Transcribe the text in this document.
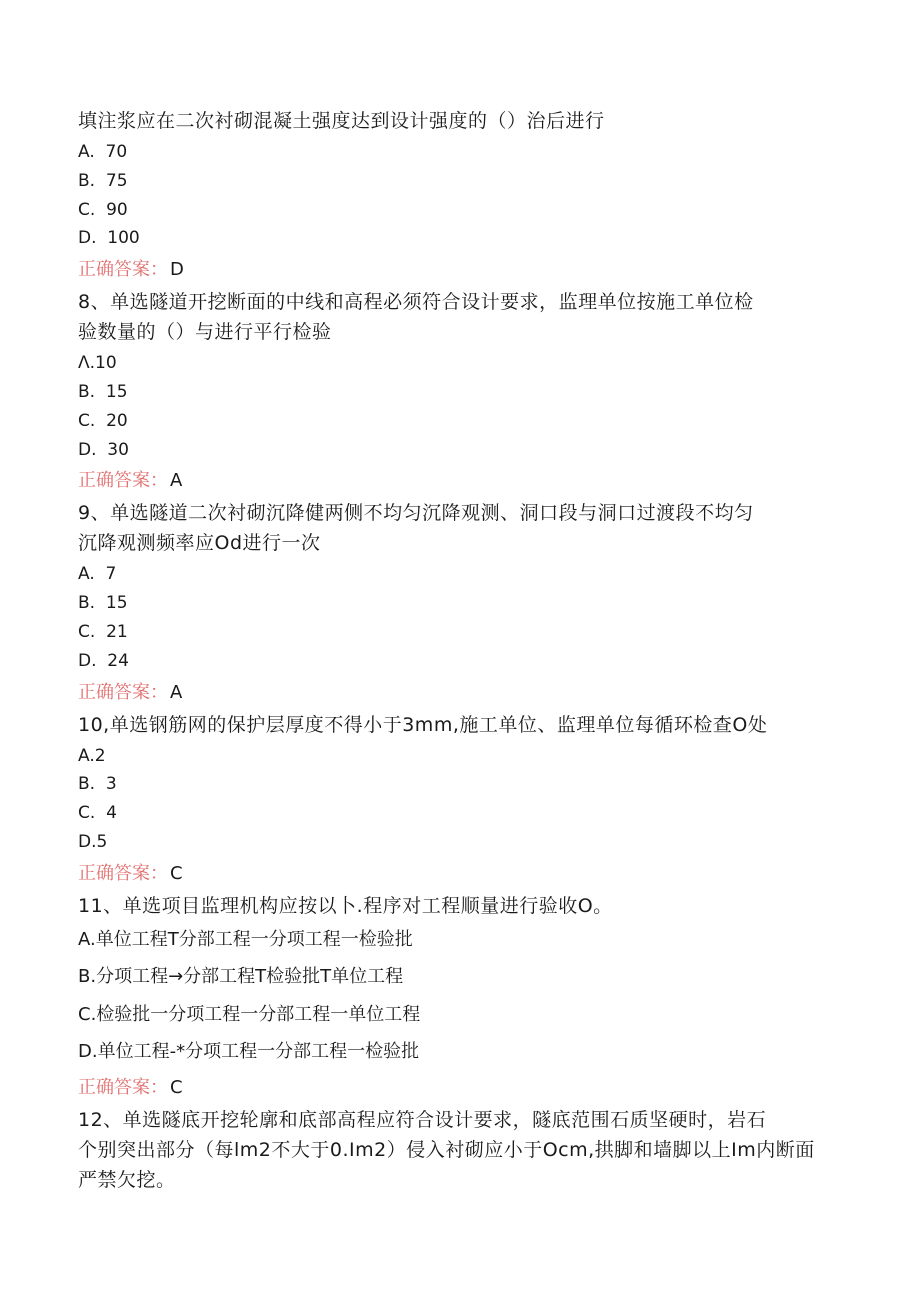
填注浆应在二次衬砌混凝土强度达到设计强度的（）治后进行

A.  70

B.  75

C.  90

D.  100

正确答案： D

8、单选隧道开挖断面的中线和高程必须符合设计要求，监理单位按施工单位检

验数量的（）与进行平行检验

Λ.10

B.  15

C.  20

D.  30

正确答案： A

9、单选隧道二次衬砌沉降健两侧不均匀沉降观测、洞口段与洞口过渡段不均匀

沉降观测频率应Od进行一次

A.  7

B.  15

C.  21

D.  24

正确答案： A

10,单选钢筋网的保护层厚度不得小于3mm,施工单位、监理单位每循环检查O处

A.2

B.  3

C.  4

D.5

正确答案： C

11、单选项目监理机构应按以卜.程序对工程顺量进行验收O。

A.单位工程T分部工程一分项工程一检验批

B.分项工程→分部工程T检验批T单位工程

C.检验批一分项工程一分部工程一单位工程

D.单位工程-*分项工程一分部工程一检验批

正确答案： C

12、单选隧底开挖轮廓和底部高程应符合设计要求，隧底范围石质坚硬时，岩石

个别突出部分（每lm2不大于0.Im2）侵入衬砌应小于Ocm,拱脚和墙脚以上Im内断面

严禁欠挖。
